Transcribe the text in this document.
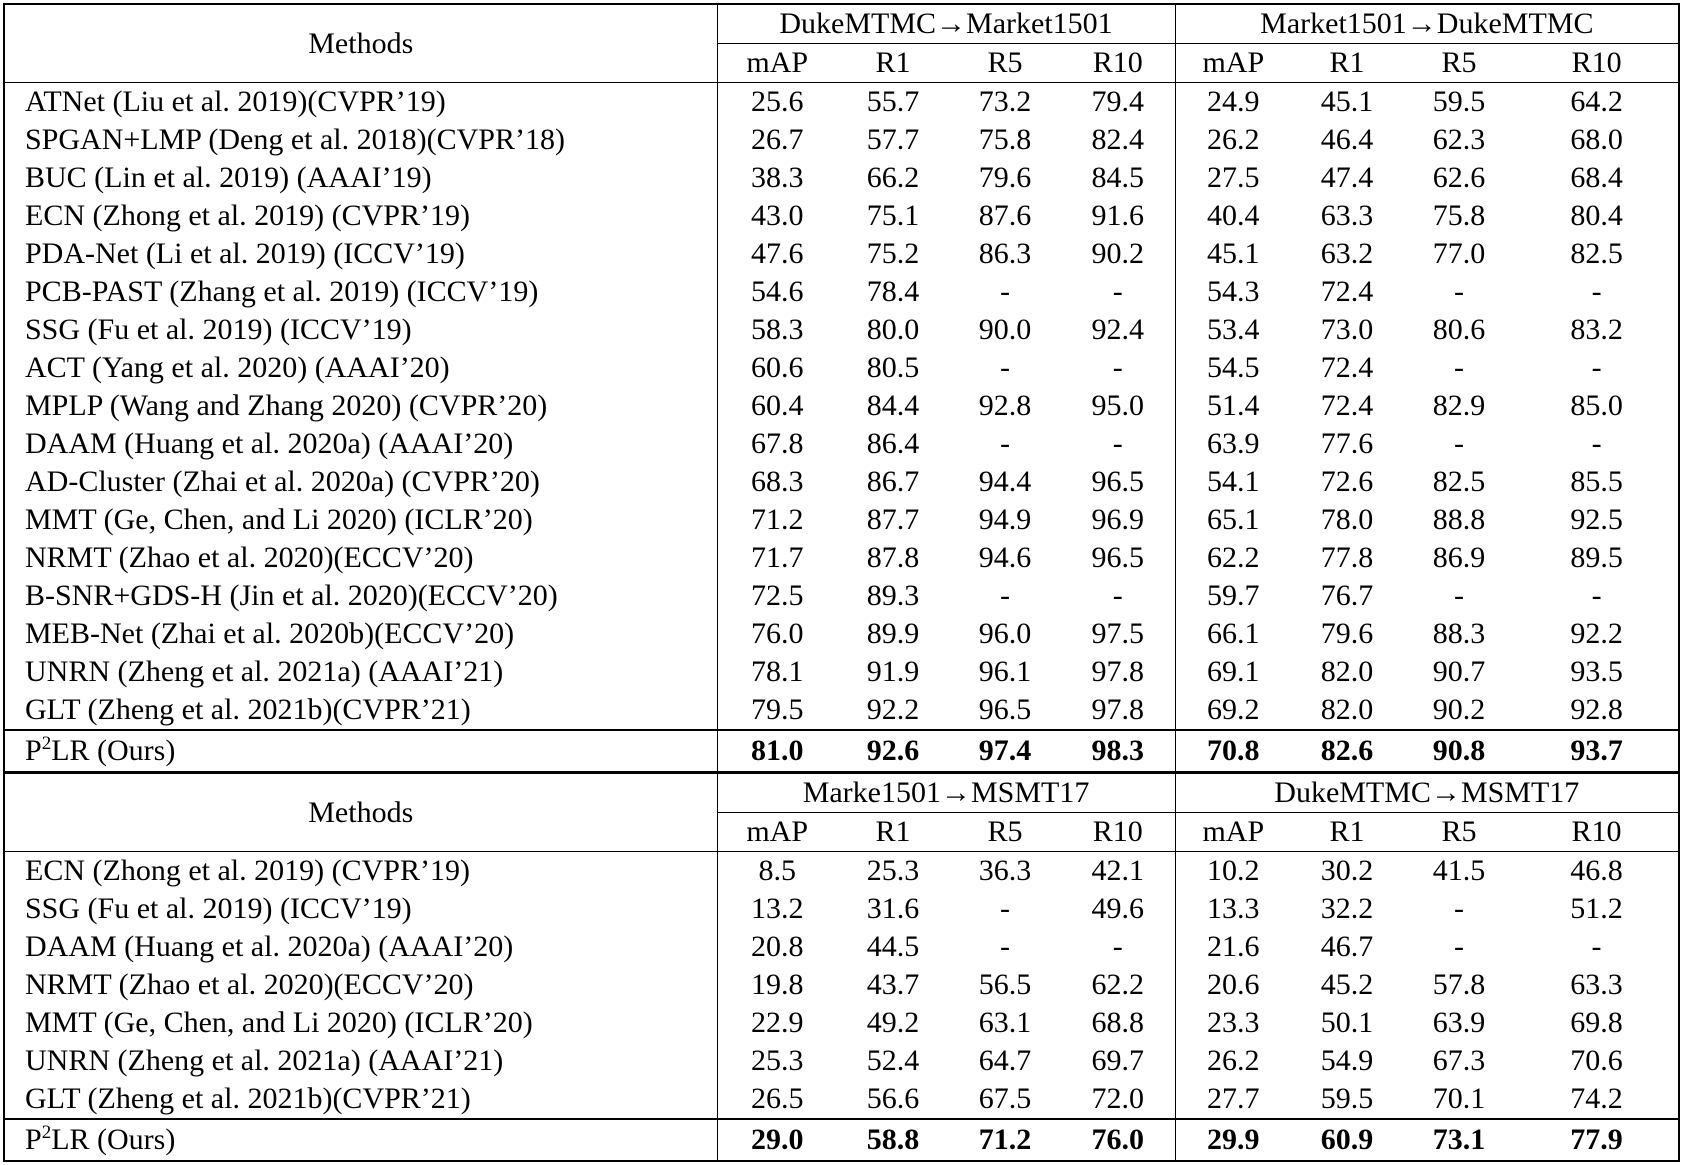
Methods	DukeMTMC→Market1501				Market1501→DukeMTMC			
	mAP	R1	R5	R10	mAP	R1	R5	R10
ATNet (Liu et al. 2019)(CVPR’19)	25.6	55.7	73.2	79.4	24.9	45.1	59.5	64.2
SPGAN+LMP (Deng et al. 2018)(CVPR’18)	26.7	57.7	75.8	82.4	26.2	46.4	62.3	68.0
BUC (Lin et al. 2019) (AAAI’19)	38.3	66.2	79.6	84.5	27.5	47.4	62.6	68.4
ECN (Zhong et al. 2019) (CVPR’19)	43.0	75.1	87.6	91.6	40.4	63.3	75.8	80.4
PDA-Net (Li et al. 2019) (ICCV’19)	47.6	75.2	86.3	90.2	45.1	63.2	77.0	82.5
PCB-PAST (Zhang et al. 2019) (ICCV’19)	54.6	78.4	-	-	54.3	72.4	-	-
SSG (Fu et al. 2019) (ICCV’19)	58.3	80.0	90.0	92.4	53.4	73.0	80.6	83.2
ACT (Yang et al. 2020) (AAAI’20)	60.6	80.5	-	-	54.5	72.4	-	-
MPLP (Wang and Zhang 2020) (CVPR’20)	60.4	84.4	92.8	95.0	51.4	72.4	82.9	85.0
DAAM (Huang et al. 2020a) (AAAI’20)	67.8	86.4	-	-	63.9	77.6	-	-
AD-Cluster (Zhai et al. 2020a) (CVPR’20)	68.3	86.7	94.4	96.5	54.1	72.6	82.5	85.5
MMT (Ge, Chen, and Li 2020) (ICLR’20)	71.2	87.7	94.9	96.9	65.1	78.0	88.8	92.5
NRMT (Zhao et al. 2020)(ECCV’20)	71.7	87.8	94.6	96.5	62.2	77.8	86.9	89.5
B-SNR+GDS-H (Jin et al. 2020)(ECCV’20)	72.5	89.3	-	-	59.7	76.7	-	-
MEB-Net (Zhai et al. 2020b)(ECCV’20)	76.0	89.9	96.0	97.5	66.1	79.6	88.3	92.2
UNRN (Zheng et al. 2021a) (AAAI’21)	78.1	91.9	96.1	97.8	69.1	82.0	90.7	93.5
GLT (Zheng et al. 2021b)(CVPR’21)	79.5	92.2	96.5	97.8	69.2	82.0	90.2	92.8
$P^2LR$ (Ours)	81.0	92.6	97.4	98.3	70.8	82.6	90.8	93.7
Methods	Marke1501→MSMT17				DukeMTMC→MSMT17			
	mAP	R1	R5	R10	mAP	R1	R5	R10
ECN (Zhong et al. 2019) (CVPR’19)	8.5	25.3	36.3	42.1	10.2	30.2	41.5	46.8
SSG (Fu et al. 2019) (ICCV’19)	13.2	31.6	-	49.6	13.3	32.2	-	51.2
DAAM (Huang et al. 2020a) (AAAI’20)	20.8	44.5	-	-	21.6	46.7	-	-
NRMT (Zhao et al. 2020)(ECCV’20)	19.8	43.7	56.5	62.2	20.6	45.2	57.8	63.3
MMT (Ge, Chen, and Li 2020) (ICLR’20)	22.9	49.2	63.1	68.8	23.3	50.1	63.9	69.8
UNRN (Zheng et al. 2021a) (AAAI’21)	25.3	52.4	64.7	69.7	26.2	54.9	67.3	70.6
GLT (Zheng et al. 2021b)(CVPR’21)	26.5	56.6	67.5	72.0	27.7	59.5	70.1	74.2
$P^2LR$ (Ours)	29.0	58.8	71.2	76.0	29.9	60.9	73.1	77.9
